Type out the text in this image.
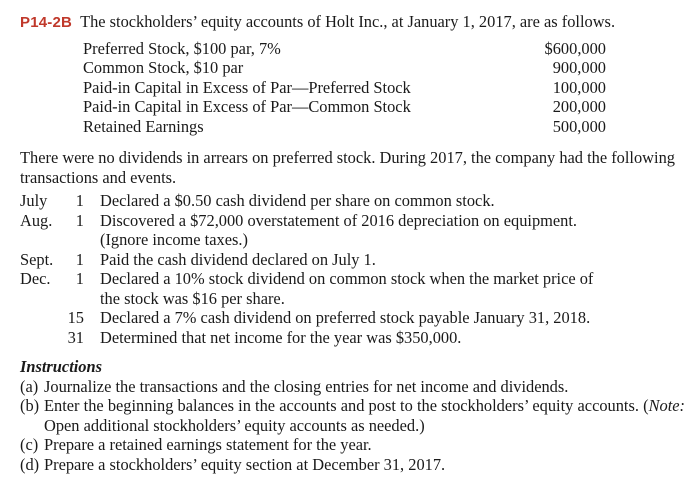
P14-2B The stockholders’ equity accounts of Holt Inc., at January 1, 2017, are as follows.
Preferred Stock, $100 par, 7%	$600,000
Common Stock, $10 par	900,000
Paid-in Capital in Excess of Par—Preferred Stock	100,000
Paid-in Capital in Excess of Par—Common Stock	200,000
Retained Earnings	500,000
There were no dividends in arrears on preferred stock. During 2017, the company had the following transactions and events.
July	1 Declared a $0.50 cash dividend per share on common stock.
Aug.	1 Discovered a $72,000 overstatement of 2016 depreciation on equipment.
(Ignore income taxes.)
Sept.	1 Paid the cash dividend declared on July 1.
Dec.	1 Declared a 10% stock dividend on common stock when the market price of
the stock was $16 per share.
15 Declared a 7% cash dividend on preferred stock payable January 31, 2018.
31 Determined that net income for the year was $350,000.
Instructions
(a) Journalize the transactions and the closing entries for net income and dividends.
(b) Enter the beginning balances in the accounts and post to the stockholders’ equity accounts. (Note: Open additional stockholders’ equity accounts as needed.)
(c) Prepare a retained earnings statement for the year.
(d) Prepare a stockholders’ equity section at December 31, 2017.
